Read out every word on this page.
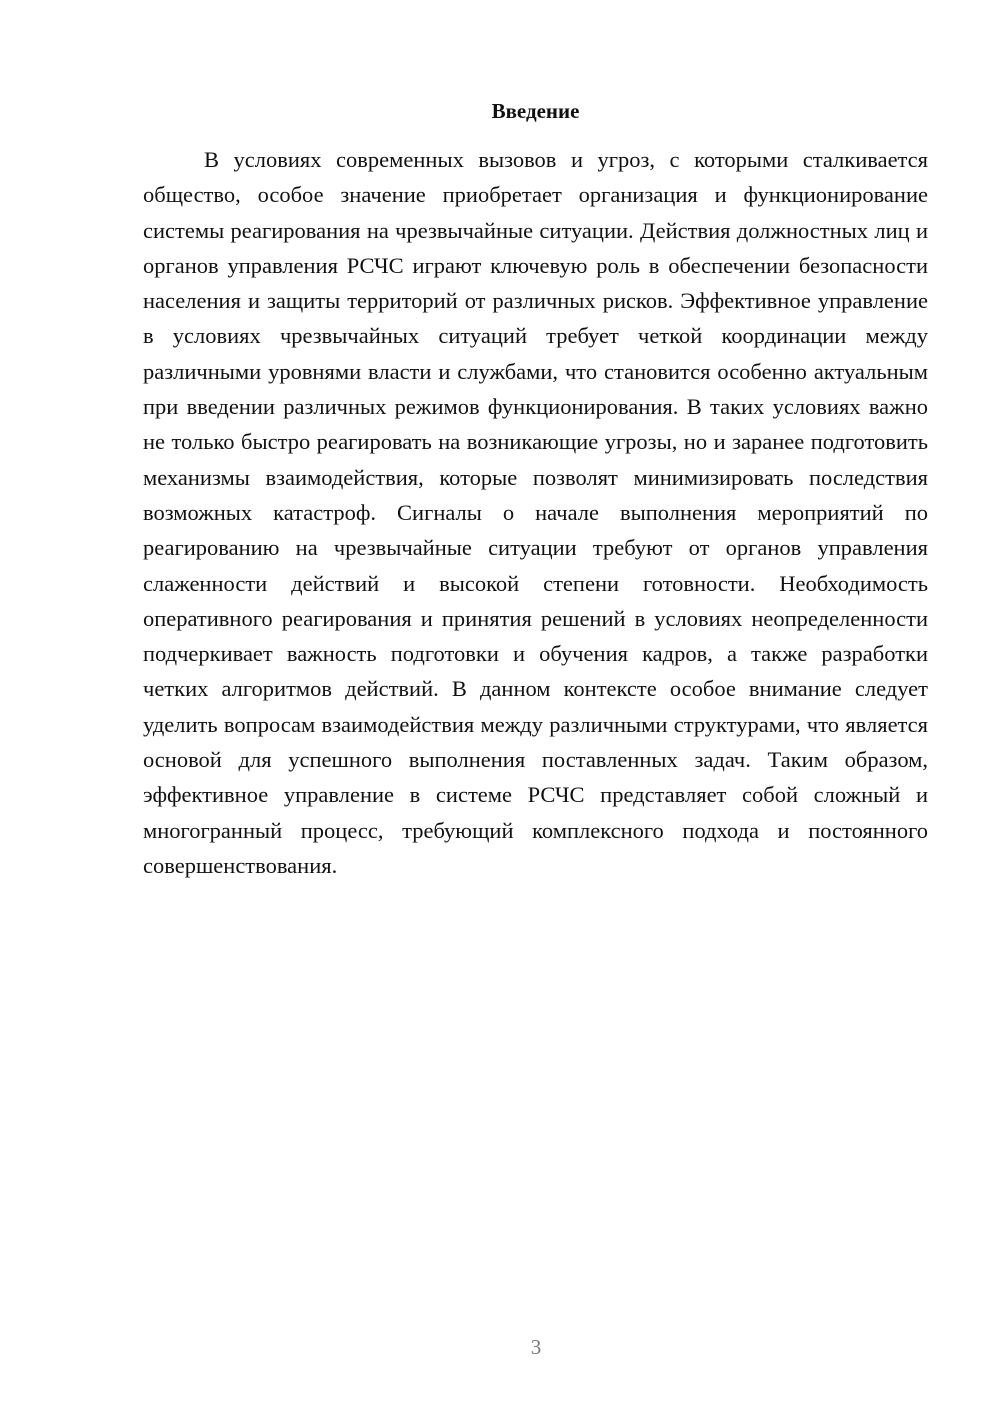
Введение

В условиях современных вызовов и угроз, с которыми сталкивается общество, особое значение приобретает организация и функционирование системы реагирования на чрезвычайные ситуации. Действия должностных лиц и органов управления РСЧС играют ключевую роль в обеспечении безопасности населения и защиты территорий от различных рисков. Эффективное управление в условиях чрезвычайных ситуаций требует четкой координации между различными уровнями власти и службами, что становится особенно актуальным при введении различных режимов функционирования. В таких условиях важно не только быстро реагировать на возникающие угрозы, но и заранее подготовить механизмы взаимодействия, которые позволят минимизировать последствия возможных катастроф. Сигналы о начале выполнения мероприятий по реагированию на чрезвычайные ситуации требуют от органов управления слаженности действий и высокой степени готовности. Необходимость оперативного реагирования и принятия решений в условиях неопределенности подчеркивает важность подготовки и обучения кадров, а также разработки четких алгоритмов действий. В данном контексте особое внимание следует уделить вопросам взаимодействия между различными структурами, что является основой для успешного выполнения поставленных задач. Таким образом, эффективное управление в системе РСЧС представляет собой сложный и многогранный процесс, требующий комплексного подхода и постоянного совершенствования.

3
